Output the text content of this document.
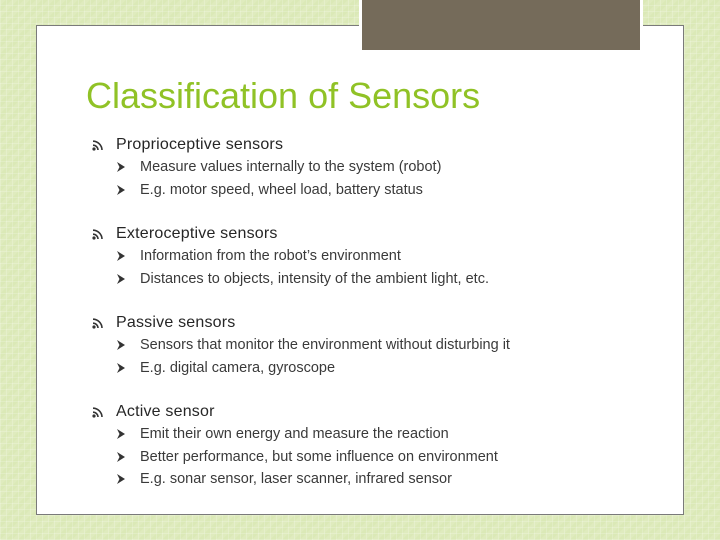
Classification of Sensors
Proprioceptive sensors
Measure values internally to the system (robot)
E.g. motor speed, wheel load, battery status
Exteroceptive sensors
Information from the robot’s environment
Distances to objects, intensity of the ambient light, etc.
Passive sensors
Sensors that monitor the environment without disturbing it
E.g. digital camera, gyroscope
Active sensor
Emit their own energy and measure the reaction
Better performance, but some influence on environment
E.g. sonar sensor, laser scanner, infrared sensor
